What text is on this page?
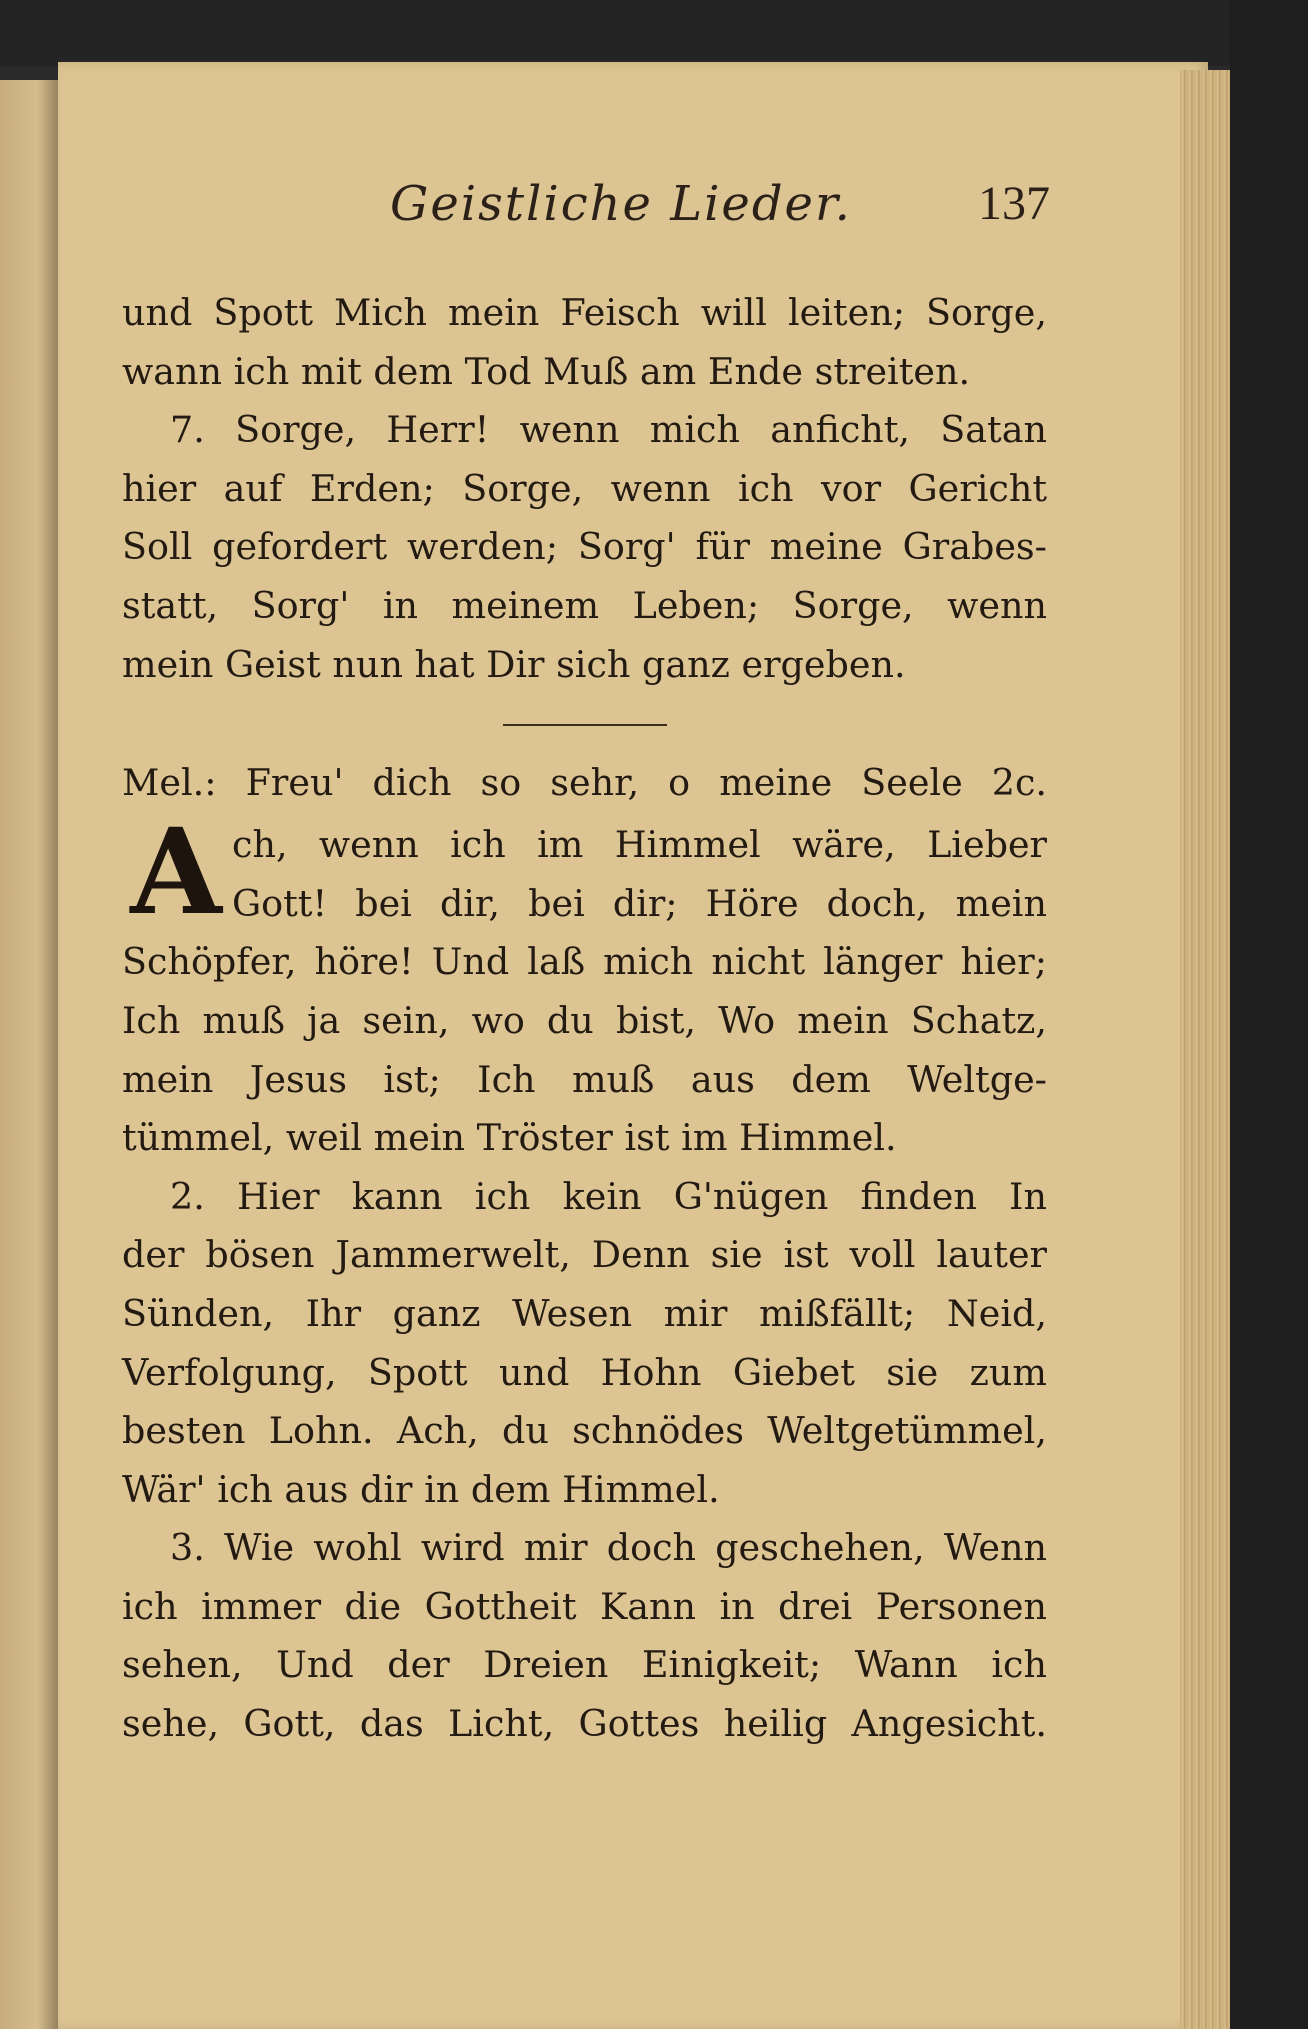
Geistliche Lieder.	137
und Spott Mich mein Feisch will leiten; Sorge,
wann ich mit dem Tod Muß am Ende streiten.
7. Sorge, Herr! wenn mich anficht, Satan
hier auf Erden; Sorge, wenn ich vor Gericht
Soll gefordert werden; Sorg' für meine Grabes-
statt, Sorg' in meinem Leben; Sorge, wenn
mein Geist nun hat Dir sich ganz ergeben.
Mel.: Freu' dich so sehr, o meine Seele 2c.
A ch, wenn ich im Himmel wäre, Lieber
Gott! bei dir, bei dir; Höre doch, mein
Schöpfer, höre! Und laß mich nicht länger hier;
Ich muß ja sein, wo du bist, Wo mein Schatz,
mein Jesus ist; Ich muß aus dem Weltge-
tümmel, weil mein Tröster ist im Himmel.
2. Hier kann ich kein G'nügen finden In
der bösen Jammerwelt, Denn sie ist voll lauter
Sünden, Ihr ganz Wesen mir mißfällt; Neid,
Verfolgung, Spott und Hohn Giebet sie zum
besten Lohn. Ach, du schnödes Weltgetümmel,
Wär' ich aus dir in dem Himmel.
3. Wie wohl wird mir doch geschehen, Wenn
ich immer die Gottheit Kann in drei Personen
sehen, Und der Dreien Einigkeit; Wann ich
sehe, Gott, das Licht, Gottes heilig Angesicht.
